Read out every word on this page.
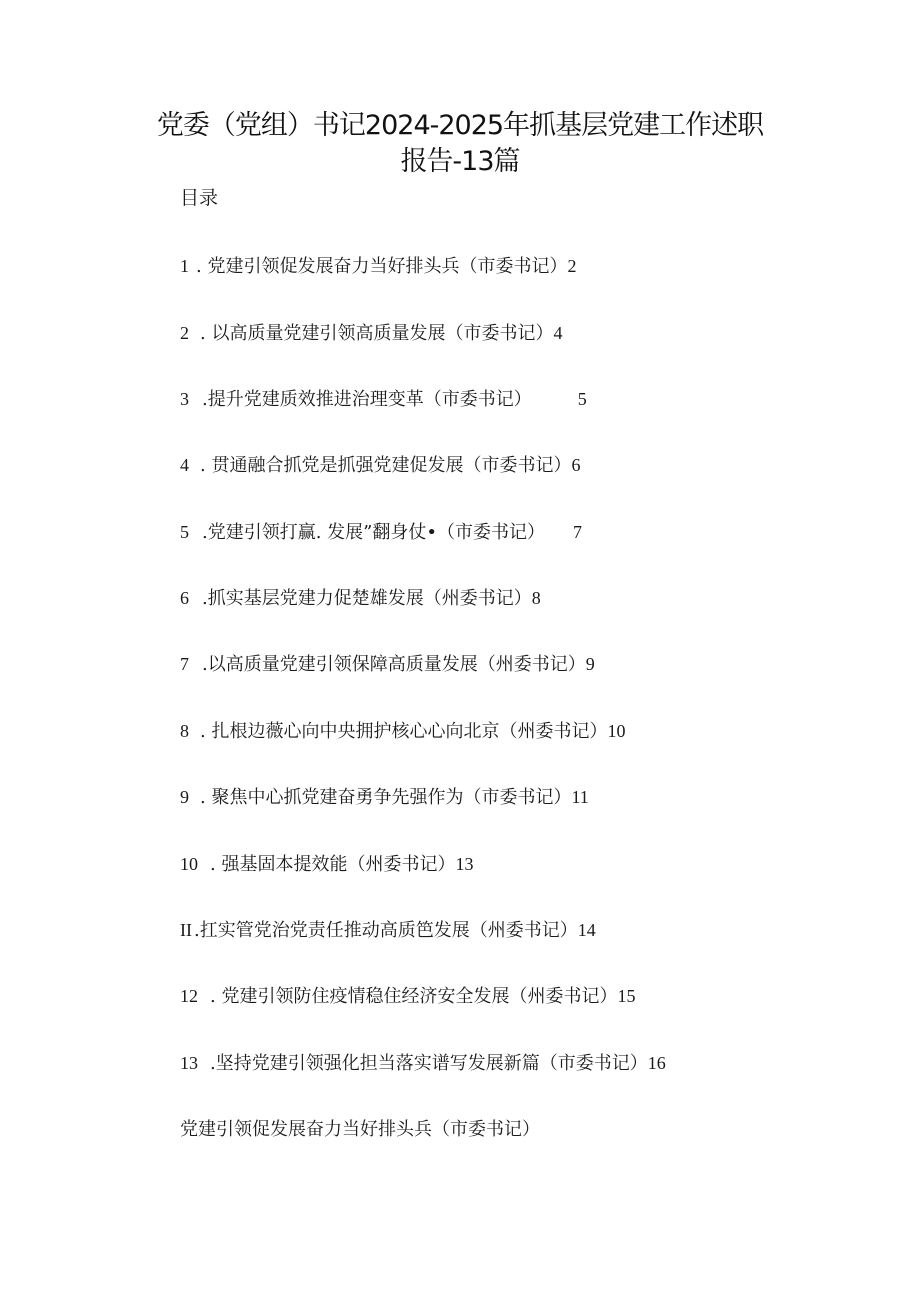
党委（党组）书记2024-2025年抓基层党建工作述职
报告-13篇
目录
1 . 党建引领促发展奋力当好排头兵（市委书记）2
2 . 以高质量党建引领高质量发展（市委书记）4
3 .提升党建质效推进治理变革（市委书记）	5
4 . 贯通融合抓党是抓强党建促发展（市委书记）6
5 .党建引领打赢. 发展”翻身仗•（市委书记） 7
6 .抓实基层党建力促楚雄发展（州委书记）8
7 .以高质量党建引领保障高质量发展（州委书记）9
8 . 扎根边薇心向中央拥护核心心向北京（州委书记）10
9 . 聚焦中心抓党建奋勇争先强作为（市委书记）11
10 . 强基固本提效能（州委书记）13
II .扛实管党治党责任推动高质笆发展（州委书记）14
12 . 党建引领防住疫情稳住经济安全发展（州委书记）15
13 .坚持党建引领强化担当落实谱写发展新篇（市委书记）16
党建引领促发展奋力当好排头兵（市委书记）
